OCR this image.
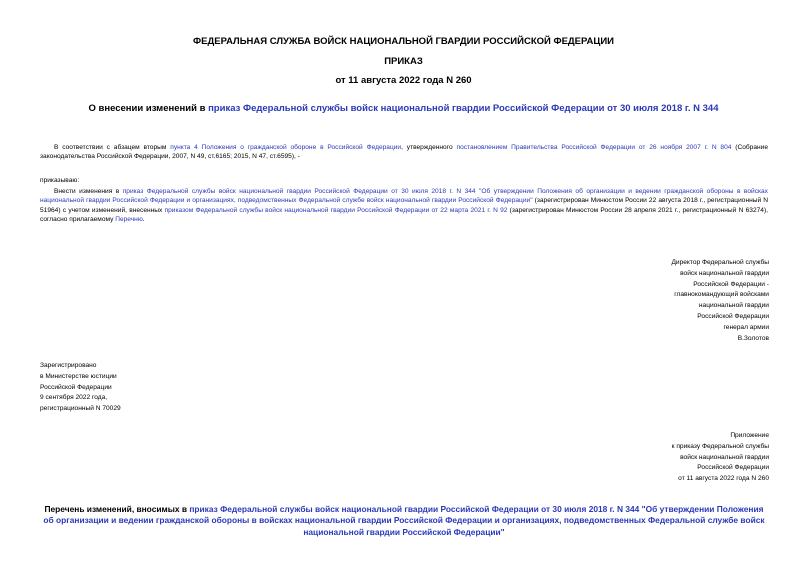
ФЕДЕРАЛЬНАЯ СЛУЖБА ВОЙСК НАЦИОНАЛЬНОЙ ГВАРДИИ РОССИЙСКОЙ ФЕДЕРАЦИИ
ПРИКАЗ
от 11 августа 2022 года N 260
О внесении изменений в приказ Федеральной службы войск национальной гвардии Российской Федерации от 30 июля 2018 г. N 344
В соответствии с абзацем вторым пункта 4 Положения о гражданской обороне в Российской Федерации, утвержденного постановлением Правительства Российской Федерации от 26 ноября 2007 г. N 804 (Собрание законодательства Российской Федерации, 2007, N 49, ст.6165; 2015, N 47, ст.6595), -
приказываю:
Внести изменения в приказ Федеральной службы войск национальной гвардии Российской Федерации от 30 июля 2018 г. N 344 "Об утверждении Положения об организации и ведении гражданской обороны в войсках национальной гвардии Российской Федерации и организациях, подведомственных Федеральной службе войск национальной гвардии Российской Федерации" (зарегистрирован Минюстом России 22 августа 2018 г., регистрационный N 51964) с учетом изменений, внесенных приказом Федеральной службы войск национальной гвардии Российской Федерации от 22 марта 2021 г. N 92 (зарегистрирован Минюстом России 28 апреля 2021 г., регистрационный N 63274), согласно прилагаемому Перечню.
Директор Федеральной службы
войск национальной гвардии
Российской Федерации -
главнокомандующий войсками
национальной гвардии
Российской Федерации
генерал армии
В.Золотов
Зарегистрировано
в Министерстве юстиции
Российской Федерации
9 сентября 2022 года,
регистрационный N 70029
Приложение
к приказу Федеральной службы
войск национальной гвардии
Российской Федерации
от 11 августа 2022 года N 260
Перечень изменений, вносимых в приказ Федеральной службы войск национальной гвардии Российской Федерации от 30 июля 2018 г. N 344 "Об утверждении Положения об организации и ведении гражданской обороны в войсках национальной гвардии Российской Федерации и организациях, подведомственных Федеральной службе войск национальной гвардии Российской Федерации"
